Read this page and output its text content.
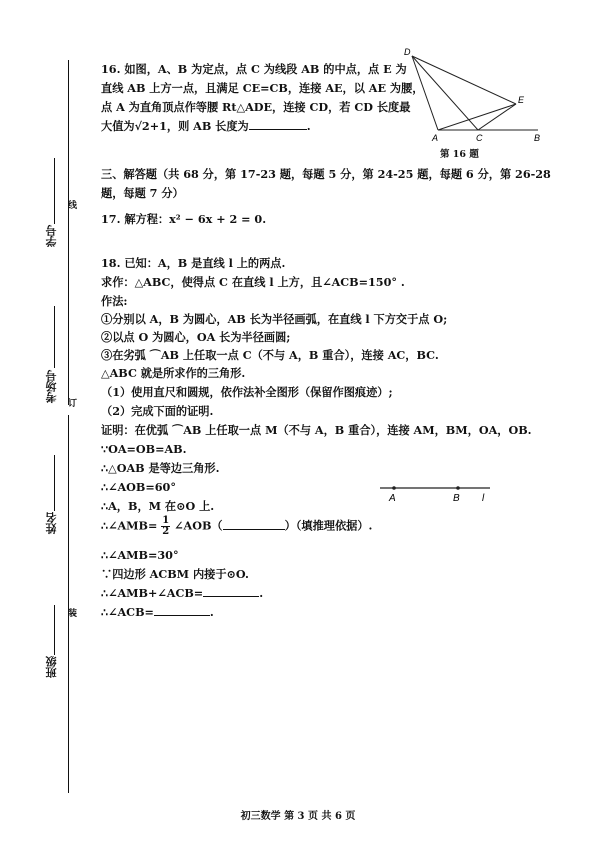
线
订
装
学号
考场号
姓名
班级
16. 如图，A、B 为定点，点 C 为线段 AB 的中点，点 E 为
直线 AB 上方一点，且满足 CE=CB，连接 AE，以 AE 为腰，
点 A 为直角顶点作等腰 Rt△ADE，连接 CD，若 CD 长度最
大值为√2+1，则 AB 长度为	.
D
E
A	C	B
第 16 题
三、解答题（共 68 分，第 17-23 题，每题 5 分，第 24-25 题，每题 6 分，第 26-28
题，每题 7 分）
17. 解方程：x² − 6x + 2 = 0.
18. 已知：A，B 是直线 l 上的两点.
求作：△ABC，使得点 C 在直线 l 上方，且∠ACB=150° .
作法:
①分别以 A，B 为圆心，AB 长为半径画弧，在直线 l 下方交于点 O;
②以点 O 为圆心，OA 长为半径画圆;
③在劣弧 ⌒AB 上任取一点 C（不与 A，B 重合），连接 AC，BC.
△ABC 就是所求作的三角形.
（1）使用直尺和圆规，依作法补全图形（保留作图痕迹）;
（2）完成下面的证明.
证明：在优弧 ⌒AB 上任取一点 M（不与 A，B 重合），连接 AM，BM，OA，OB.
∵OA=OB=AB.
∴△OAB 是等边三角形.
∴∠AOB=60°
∴A，B，M 在⊙O 上.
∴∠AMB= $\frac{1}{2}$ ∠AOB（	）（填推理依据）.
∴∠AMB=30°
∵四边形 ACBM 内接于⊙O.
∴∠AMB+∠ACB=	.
∴∠ACB=	.
A	B l
初三数学 第 3 页 共 6 页
